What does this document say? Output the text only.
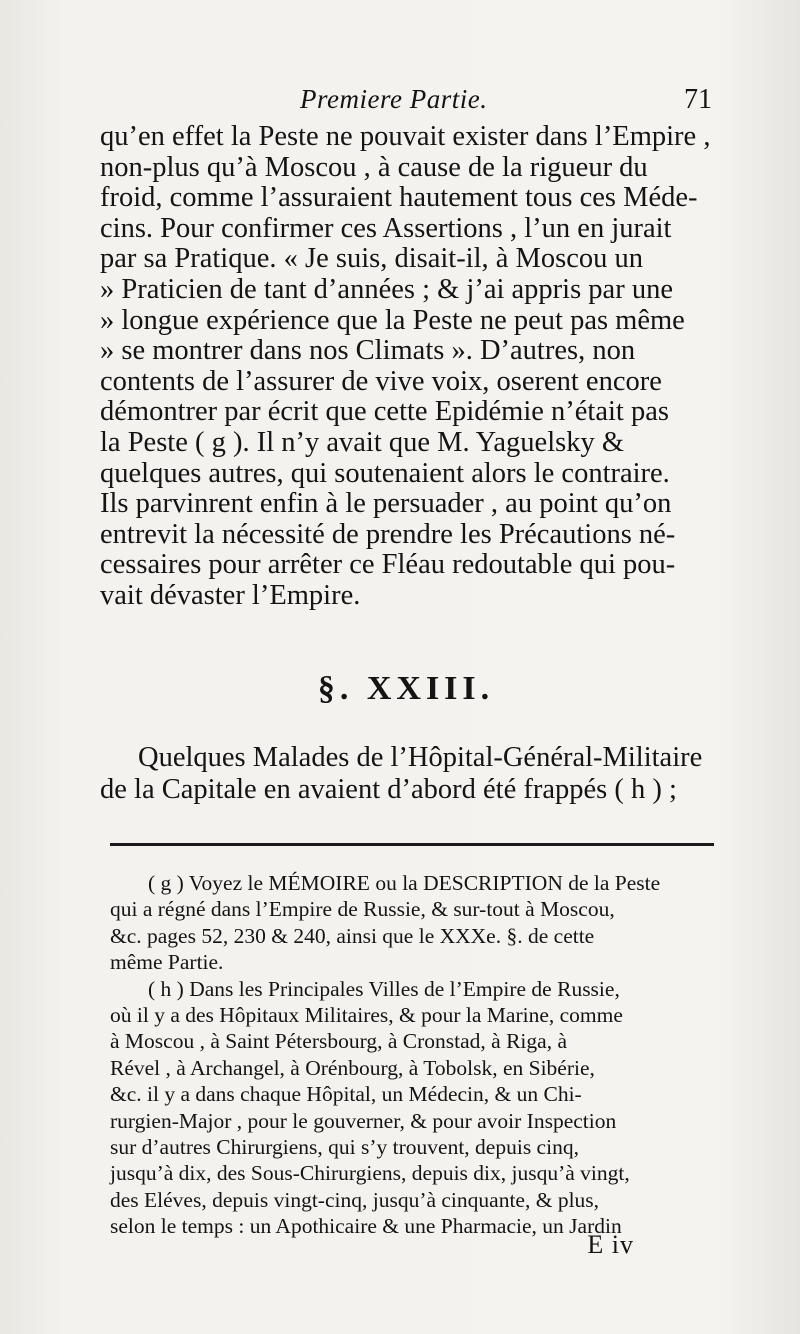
Premiere Partie.	71
qu’en effet la Peste ne pouvait exister dans l’Empire ,
non-plus qu’à Moscou , à cause de la rigueur du
froid, comme l’assuraient hautement tous ces Méde-
cins. Pour confirmer ces Assertions , l’un en jurait
par sa Pratique. « Je suis, disait-il, à Moscou un
» Praticien de tant d’années ; & j’ai appris par une
» longue expérience que la Peste ne peut pas même
» se montrer dans nos Climats ». D’autres, non
contents de l’assurer de vive voix, oserent encore
démontrer par écrit que cette Epidémie n’était pas
la Peste ( g ). Il n’y avait que M. Yaguelsky &
quelques autres, qui soutenaient alors le contraire.
Ils parvinrent enfin à le persuader , au point qu’on
entrevit la nécessité de prendre les Précautions né-
cessaires pour arrêter ce Fléau redoutable qui pou-
vait dévaster l’Empire.
§. XXIII.
Quelques Malades de l’Hôpital-Général-Militaire
de la Capitale en avaient d’abord été frappés ( h ) ;
( g ) Voyez le MÉMOIRE ou la DESCRIPTION de la Peste
qui a régné dans l’Empire de Russie, & sur-tout à Moscou,
&c. pages 52, 230 & 240, ainsi que le XXXe. §. de cette
même Partie.
( h ) Dans les Principales Villes de l’Empire de Russie,
où il y a des Hôpitaux Militaires, & pour la Marine, comme
à Moscou , à Saint Pétersbourg, à Cronstad, à Riga, à
Rével , à Archangel, à Orénbourg, à Tobolsk, en Sibérie,
&c. il y a dans chaque Hôpital, un Médecin, & un Chi-
rurgien-Major , pour le gouverner, & pour avoir Inspection
sur d’autres Chirurgiens, qui s’y trouvent, depuis cinq,
jusqu’à dix, des Sous-Chirurgiens, depuis dix, jusqu’à vingt,
des Eléves, depuis vingt-cinq, jusqu’à cinquante, & plus,
selon le temps : un Apothicaire & une Pharmacie, un Jardin
E iv
